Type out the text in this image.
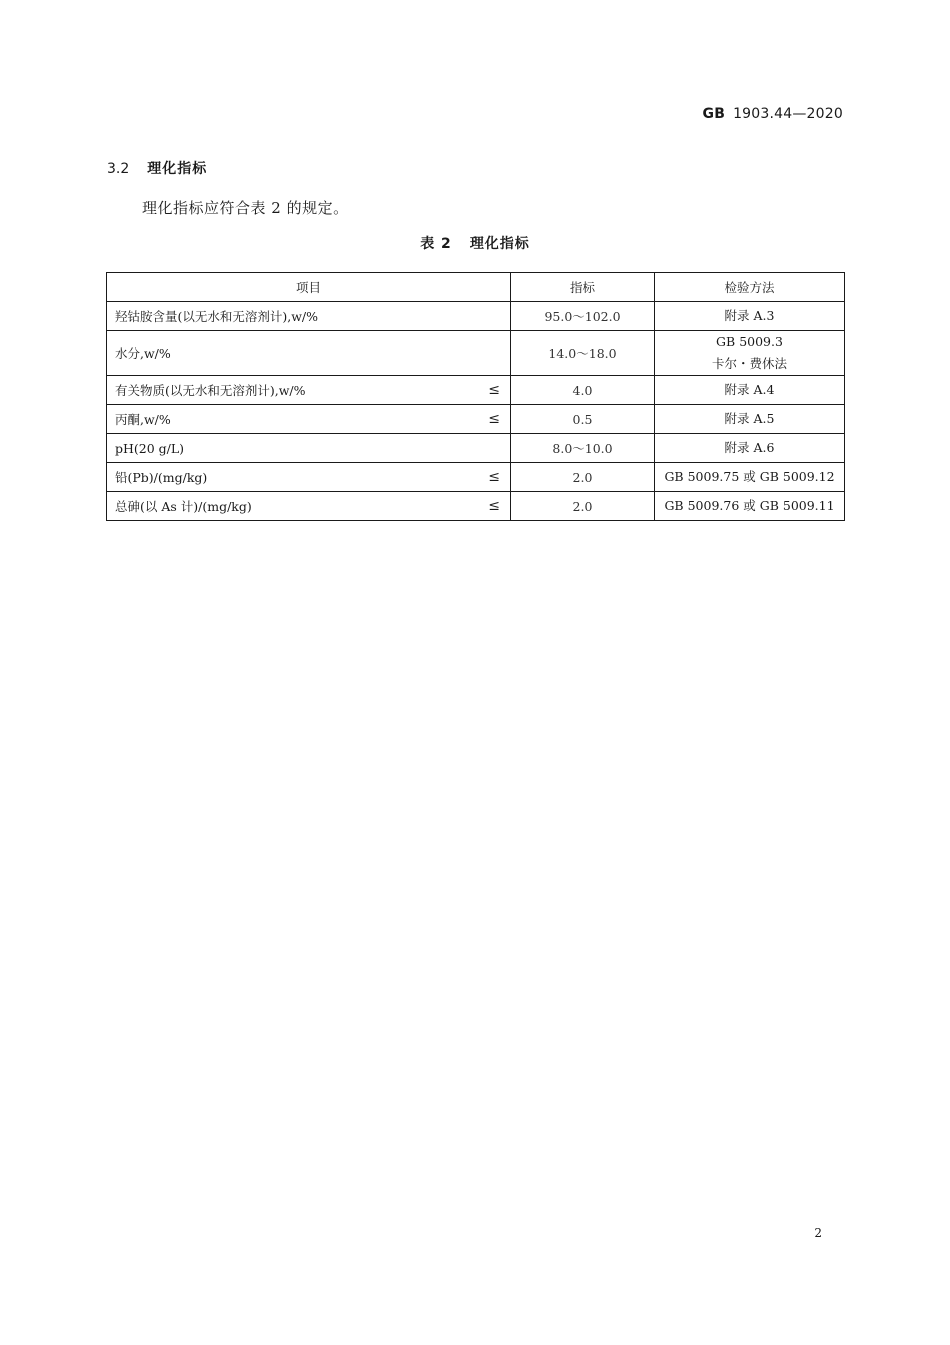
GB 1903.44—2020
3.2 理化指标
理化指标应符合表 2 的规定。
表 2 理化指标
项目	指标	检验方法
羟钴胺含量(以无水和无溶剂计),w/%	95.0～102.0	附录 A.3

水分,w/%	14.0～18.0	GB 5009.3
卡尔・费休法

有关物质(以无水和无溶剂计),w/% ≤	4.0	附录 A.4

丙酮,w/% ≤	0.5	附录 A.5

pH(20 g/L)	8.0～10.0	附录 A.6

铅(Pb)/(mg/kg) ≤	2.0	GB 5009.75 或 GB 5009.12

总砷(以 As 计)/(mg/kg) ≤	2.0	GB 5009.76 或 GB 5009.11
2
